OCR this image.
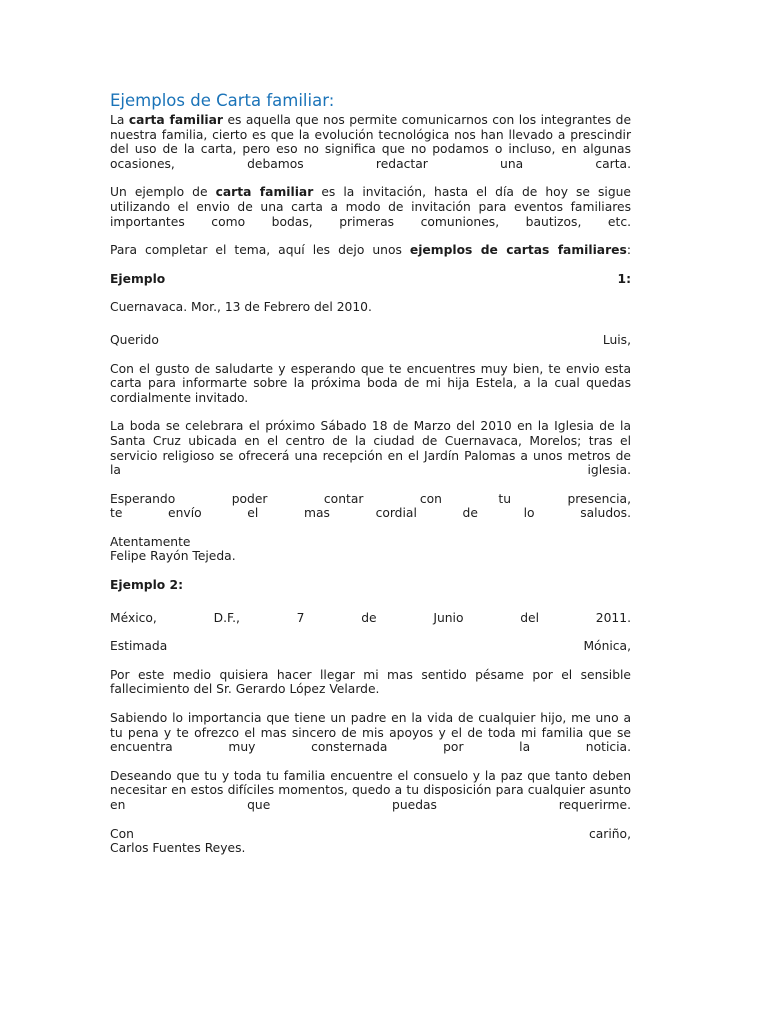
Ejemplos de Carta familiar:

La carta familiar es aquella que nos permite comunicarnos con los integrantes de nuestra familia, cierto es que la evolución tecnológica nos han llevado a prescindir del uso de la carta, pero eso no significa que no podamos o incluso, en algunas ocasiones, debamos redactar una carta.

Un ejemplo de carta familiar es la invitación, hasta el día de hoy se sigue utilizando el envio de una carta a modo de invitación para eventos familiares importantes como bodas, primeras comuniones, bautizos, etc.

Para completar el tema, aquí les dejo unos ejemplos de cartas familiares:

Ejemplo	1:

Cuernavaca. Mor., 13 de Febrero del 2010.

Querido	Luis,

Con el gusto de saludarte y esperando que te encuentres muy bien, te envio esta carta para informarte sobre la próxima boda de mi hija Estela, a la cual quedas cordialmente invitado.

La boda se celebrara el próximo Sábado 18 de Marzo del 2010 en la Iglesia de la Santa Cruz ubicada en el centro de la ciudad de Cuernavaca, Morelos; tras el servicio religioso se ofrecerá una recepción en el Jardín Palomas a unos metros de la iglesia.

Esperando poder contar con tu presencia,
te envío el mas cordial de lo saludos.
Atentamente
Felipe Rayón Tejeda.

Ejemplo 2:

México, D.F., 7 de Junio del 2011.

Estimada	Mónica,

Por este medio quisiera hacer llegar mi mas sentido pésame por el sensible fallecimiento del Sr. Gerardo López Velarde.

Sabiendo lo importancia que tiene un padre en la vida de cualquier hijo, me uno a tu pena y te ofrezco el mas sincero de mis apoyos y el de toda mi familia que se encuentra muy consternada por la noticia.

Deseando que tu y toda tu familia encuentre el consuelo y la paz que tanto deben necesitar en estos difíciles momentos, quedo a tu disposición para cualquier asunto en que puedas requerirme.

Con	cariño,
Carlos Fuentes Reyes.
